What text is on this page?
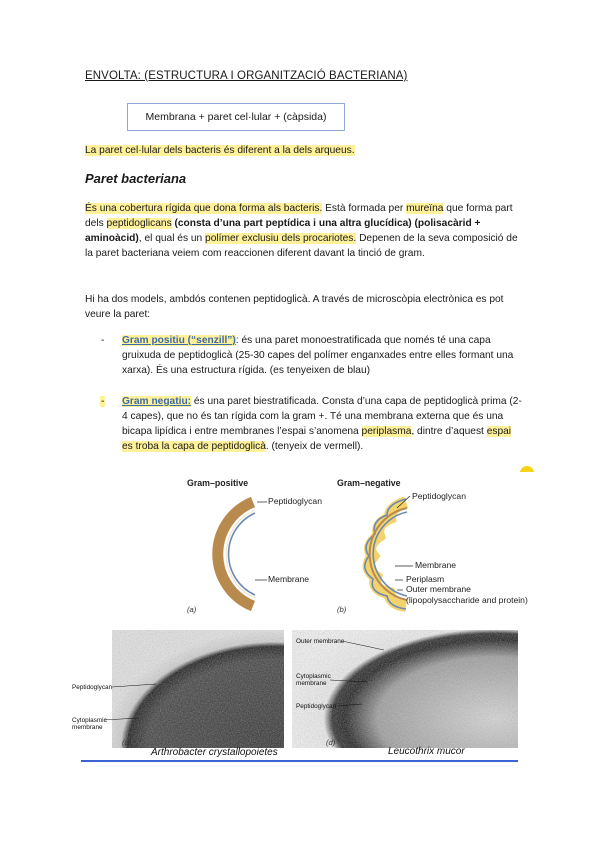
ENVOLTA: (ESTRUCTURA I ORGANITZACIÓ BACTERIANA)
Membrana + paret cel·lular + (càpsida)
La paret cel·lular dels bacteris és diferent a la dels arqueus.
Paret bacteriana
És una cobertura rígida que dona forma als bacteris. Està formada per mureïna que forma part dels peptidoglicans (consta d’una part peptídica i una altra glucídica) (polisacàrid + aminoàcid), el qual és un polímer exclusiu dels procariotes. Depenen de la seva composició de la paret bacteriana veiem com reaccionen diferent davant la tinció de gram.
Hi ha dos models, ambdós contenen peptidoglicà. A través de microscòpia electrònica es pot veure la paret:
- Gram positiu (“senzill”): és una paret monoestratificada que només té una capa gruixuda de peptidoglicà (25-30 capes del polímer enganxades entre elles formant una xarxa). És una estructura rígida. (es tenyeixen de blau)
- Gram negatiu: és una paret biestratificada. Consta d’una capa de peptidoglicà prima (2-4 capes), que no és tan rígida com la gram +. Té una membrana externa que és una bicapa lipídica i entre membranes l’espai s’anomena periplasma, dintre d’aquest espai es troba la capa de peptidoglicà. (tenyeix de vermell).
Gram–positive
Peptidoglycan
Membrane
(a)
Gram–negative
Peptidoglycan
Membrane
Periplasm
Outer membrane
(lipopolysaccharide and protein)
(b)
Peptidoglycan
Cytoplasmic
membrane
(c)
Arthrobacter crystallopoietes
Outer membrane
Cytoplasmic
membrane
Peptidoglycan
(d)
Leucothrix mucor
